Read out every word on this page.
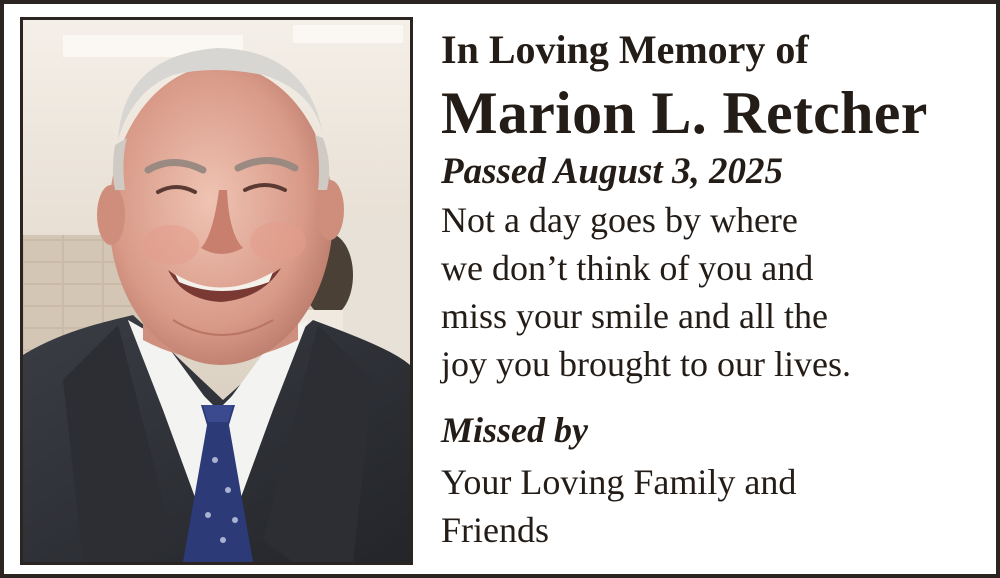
In Loving Memory of

Marion L. Retcher

Passed August 3, 2025

Not a day goes by where
we don’t think of you and
miss your smile and all the
joy you brought to our lives.

Missed by

Your Loving Family and
Friends
